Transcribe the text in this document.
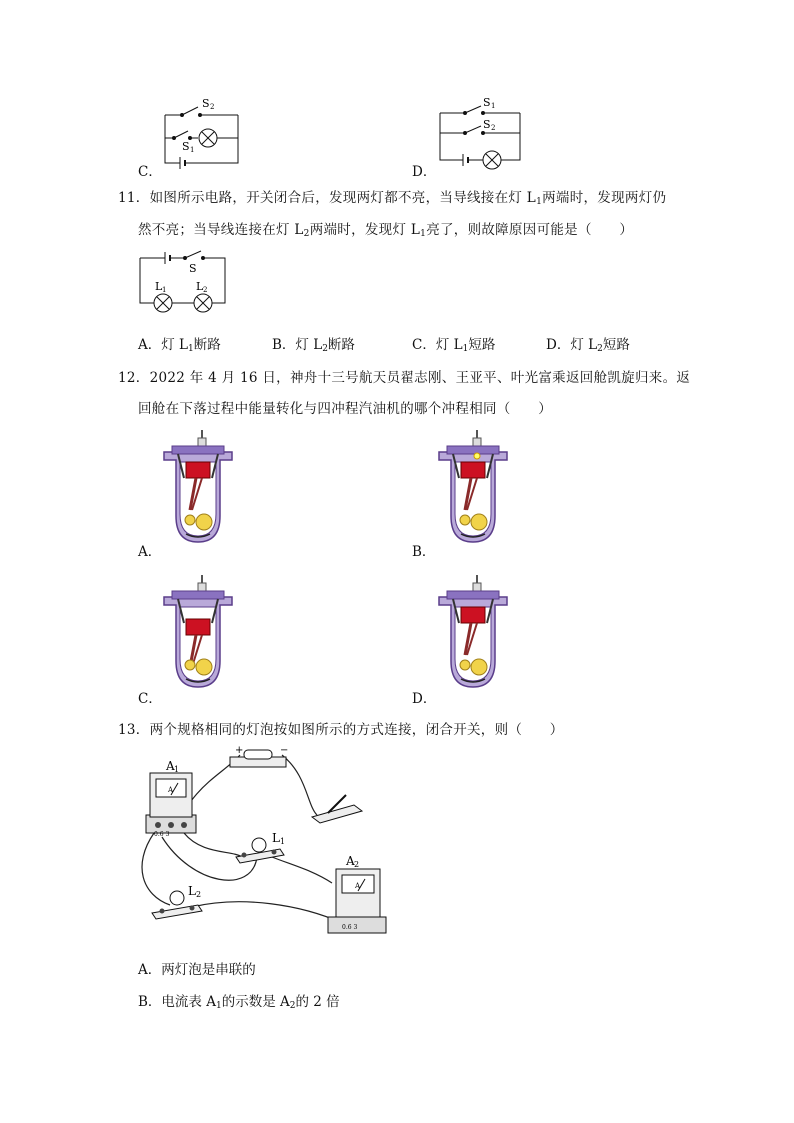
S 2
S 1
C．
S 1
S 2
D．
11．如图所示电路，开关闭合后，发现两灯都不亮，当导线接在灯 $L_1$两端时，发现两灯仍
然不亮；当导线连接在灯 $L_2$两端时，发现灯 $L_1$亮了，则故障原因可能是（　　）
S
L 1	L 2
A．灯 $L_1$断路	B．灯 $L_2$断路	C．灯 $L_1$短路	D．灯 $L_2$短路
12．2022 年 4 月 16 日，神舟十三号航天员翟志刚、王亚平、叶光富乘返回舱凯旋归来。返
回舱在下落过程中能量转化与四冲程汽油机的哪个冲程相同（　　）
A．	B．
C．	D．
13．两个规格相同的灯泡按如图所示的方式连接，闭合开关，则（　　）
A
0.6 3
A 1
+	−
L 1
L 2
A
0.6 3
A 2
A．两灯泡是串联的
B．电流表 $A_1$的示数是 $A_2$的 2 倍
